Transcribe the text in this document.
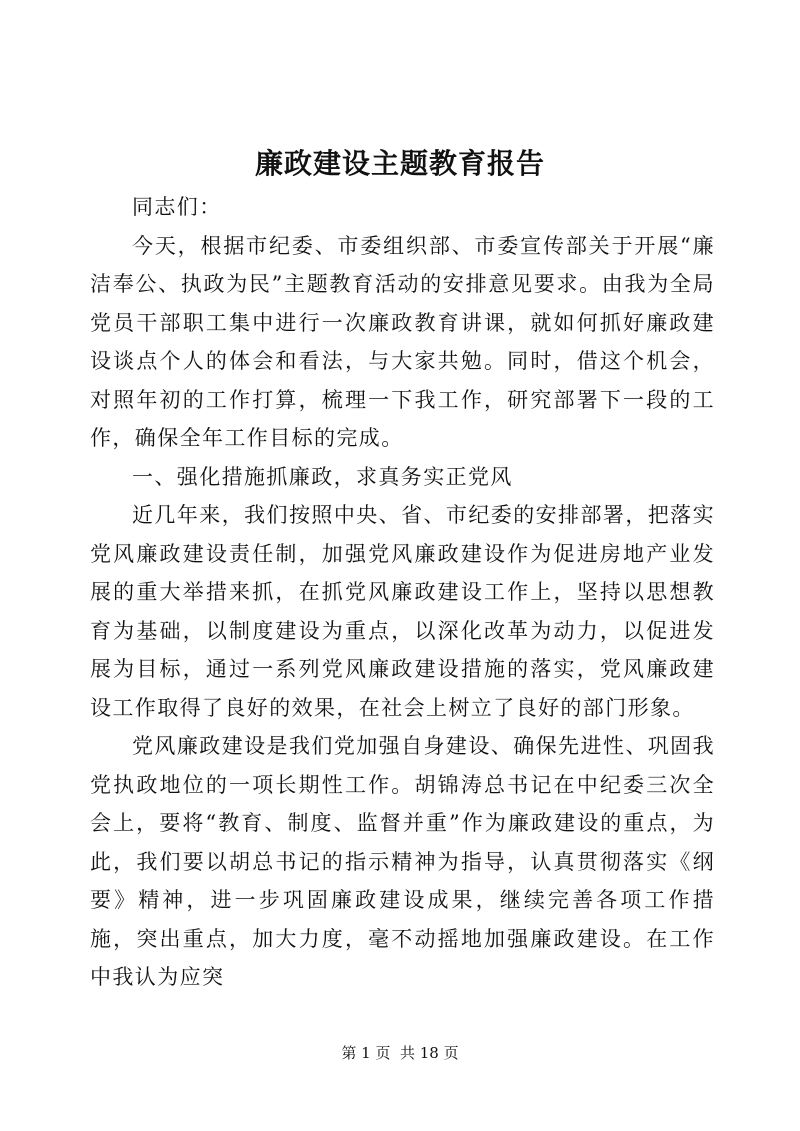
廉政建设主题教育报告

同志们：

今天，根据市纪委、市委组织部、市委宣传部关于开展“廉洁奉公、执政为民”主题教育活动的安排意见要求。由我为全局党员干部职工集中进行一次廉政教育讲课，就如何抓好廉政建设谈点个人的体会和看法，与大家共勉。同时，借这个机会，对照年初的工作打算，梳理一下我工作，研究部署下一段的工作，确保全年工作目标的完成。

一、强化措施抓廉政，求真务实正党风

近几年来，我们按照中央、省、市纪委的安排部署，把落实党风廉政建设责任制，加强党风廉政建设作为促进房地产业发展的重大举措来抓，在抓党风廉政建设工作上，坚持以思想教育为基础，以制度建设为重点，以深化改革为动力，以促进发展为目标，通过一系列党风廉政建设措施的落实，党风廉政建设工作取得了良好的效果，在社会上树立了良好的部门形象。

党风廉政建设是我们党加强自身建设、确保先进性、巩固我党执政地位的一项长期性工作。胡锦涛总书记在中纪委三次全会上，要将“教育、制度、监督并重”作为廉政建设的重点，为此，我们要以胡总书记的指示精神为指导，认真贯彻落实《纲要》精神，进一步巩固廉政建设成果，继续完善各项工作措施，突出重点，加大力度，毫不动摇地加强廉政建设。在工作中我认为应突

第 1 页  共 18 页
